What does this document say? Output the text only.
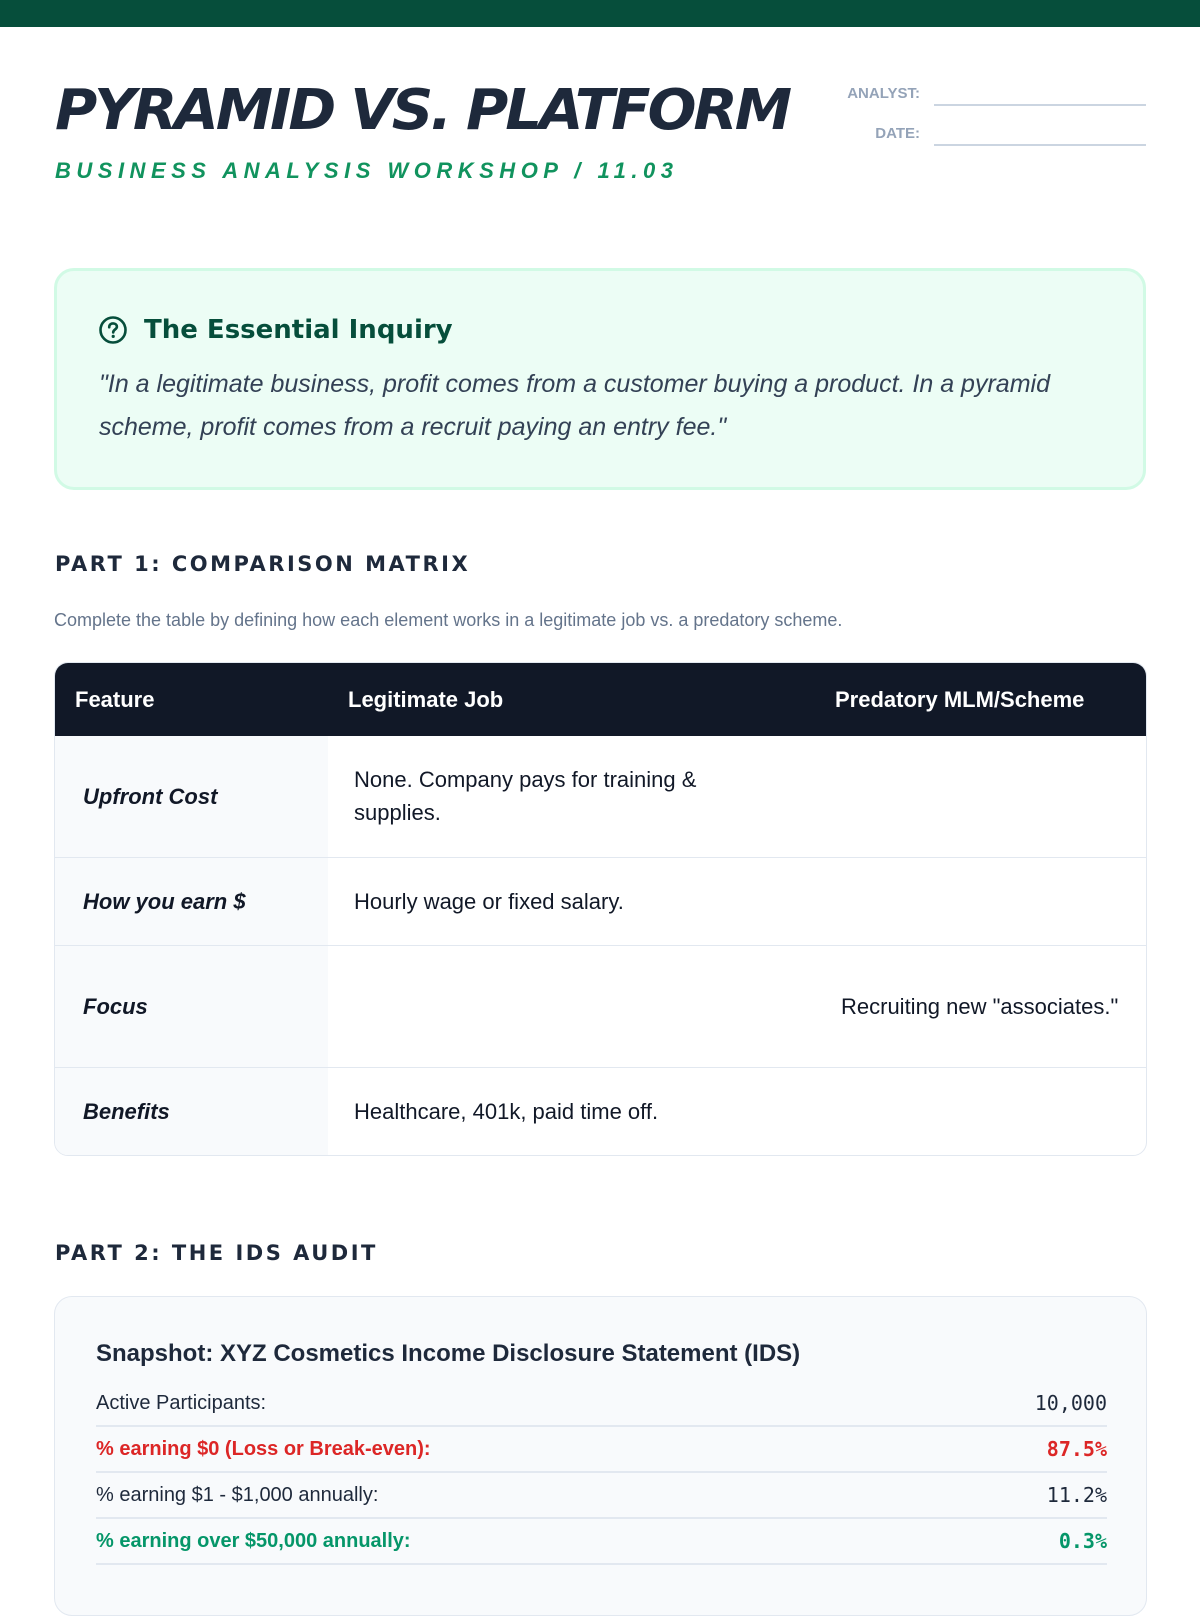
PYRAMID VS. PLATFORM
BUSINESS ANALYSIS WORKSHOP / 11.03
ANALYST:
DATE:
The Essential Inquiry

"In a legitimate business, profit comes from a customer buying a product. In a pyramid scheme, profit comes from a recruit paying an entry fee."

PART 1: COMPARISON MATRIX

Complete the table by defining how each element works in a legitimate job vs. a predatory scheme.

Feature	Legitimate Job	Predatory MLM/Scheme
Upfront Cost	None. Company pays for training & supplies.	
How you earn $	Hourly wage or fixed salary.	
Focus		Recruiting new "associates."
Benefits	Healthcare, 401k, paid time off.	
PART 2: THE IDS AUDIT
Snapshot: XYZ Cosmetics Income Disclosure Statement (IDS)
Active Participants:	10,000
% earning $0 (Loss or Break-even):	87.5%
% earning $1 - $1,000 annually:	11.2%
% earning over $50,000 annually:	0.3%
